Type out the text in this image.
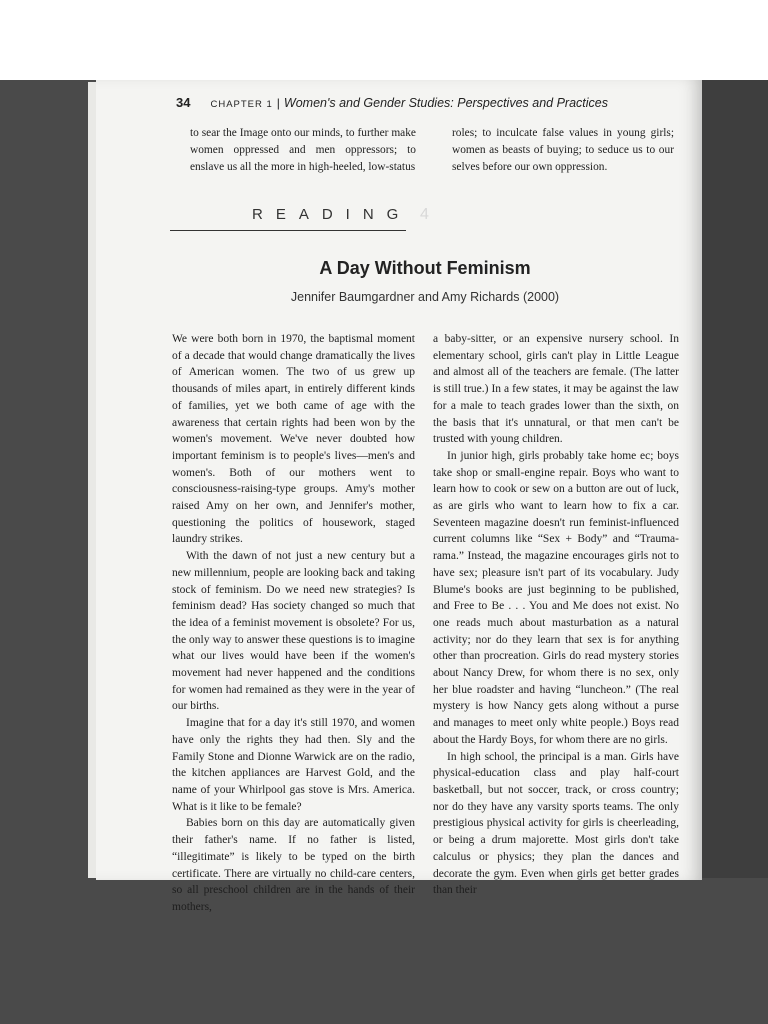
34 CHAPTER 1 | Women's and Gender Studies: Perspectives and Practices

to sear the Image onto our minds, to further make women oppressed and men oppressors; to enslave us all the more in high-heeled, low-status

roles; to inculcate false values in young girls; women as beasts of buying; to seduce us to our selves before our own oppression.

READING 4
A Day Without Feminism
Jennifer Baumgardner and Amy Richards (2000)

We were both born in 1970, the baptismal moment of a decade that would change dramatically the lives of American women. The two of us grew up thousands of miles apart, in entirely different kinds of families, yet we both came of age with the awareness that certain rights had been won by the women's movement. We've never doubted how important feminism is to people's lives—men's and women's. Both of our mothers went to consciousness-raising-type groups. Amy's mother raised Amy on her own, and Jennifer's mother, questioning the politics of housework, staged laundry strikes.

With the dawn of not just a new century but a new millennium, people are looking back and taking stock of feminism. Do we need new strategies? Is feminism dead? Has society changed so much that the idea of a feminist movement is obsolete? For us, the only way to answer these questions is to imagine what our lives would have been if the women's movement had never happened and the conditions for women had remained as they were in the year of our births.

Imagine that for a day it's still 1970, and women have only the rights they had then. Sly and the Family Stone and Dionne Warwick are on the radio, the kitchen appliances are Harvest Gold, and the name of your Whirlpool gas stove is Mrs. America. What is it like to be female?

Babies born on this day are automatically given their father's name. If no father is listed, “illegitimate” is likely to be typed on the birth certificate. There are virtually no child-care centers, so all preschool children are in the hands of their mothers,

a baby-sitter, or an expensive nursery school. In elementary school, girls can't play in Little League and almost all of the teachers are female. (The latter is still true.) In a few states, it may be against the law for a male to teach grades lower than the sixth, on the basis that it's unnatural, or that men can't be trusted with young children.

In junior high, girls probably take home ec; boys take shop or small-engine repair. Boys who want to learn how to cook or sew on a button are out of luck, as are girls who want to learn how to fix a car. Seventeen magazine doesn't run feminist-influenced current columns like “Sex + Body” and “Trauma-rama.” Instead, the magazine encourages girls not to have sex; pleasure isn't part of its vocabulary. Judy Blume's books are just beginning to be published, and Free to Be . . . You and Me does not exist. No one reads much about masturbation as a natural activity; nor do they learn that sex is for anything other than procreation. Girls do read mystery stories about Nancy Drew, for whom there is no sex, only her blue roadster and having “luncheon.” (The real mystery is how Nancy gets along without a purse and manages to meet only white people.) Boys read about the Hardy Boys, for whom there are no girls.

In high school, the principal is a man. Girls have physical-education class and play half-court basketball, but not soccer, track, or cross country; nor do they have any varsity sports teams. The only prestigious physical activity for girls is cheerleading, or being a drum majorette. Most girls don't take calculus or physics; they plan the dances and decorate the gym. Even when girls get better grades than their
